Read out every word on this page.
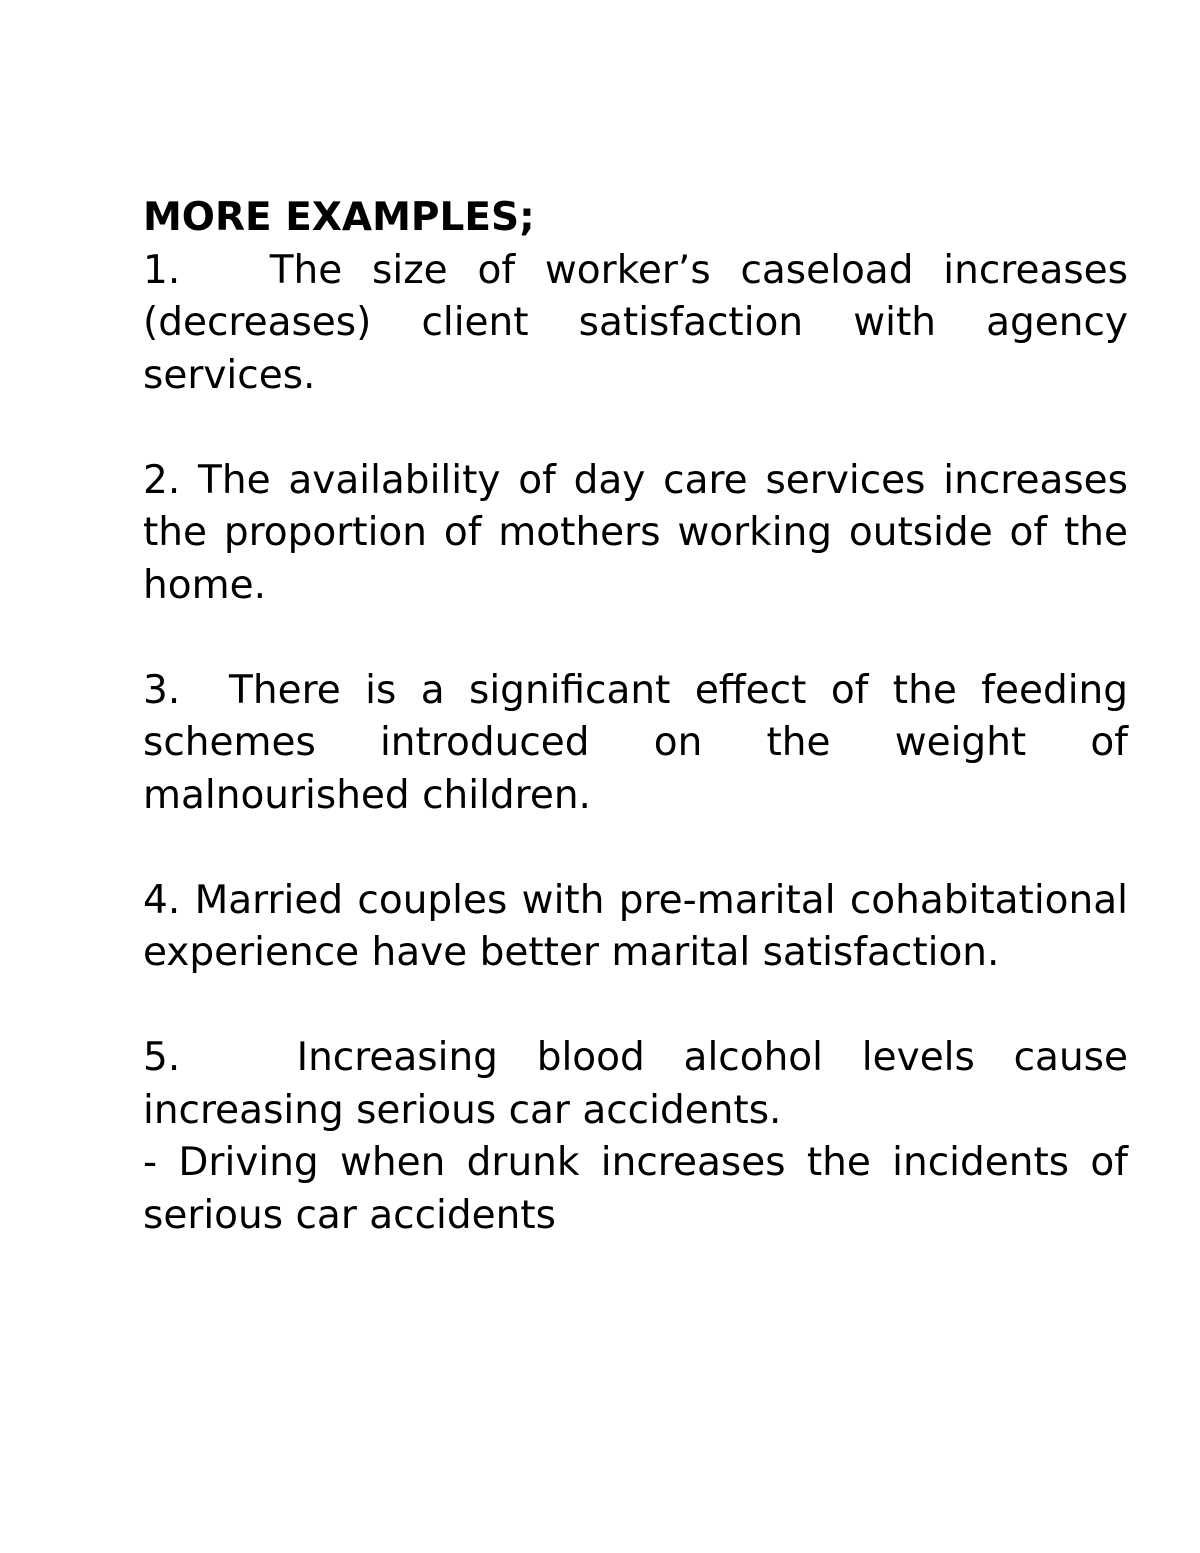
MORE EXAMPLES;

1. The size of worker’s caseload increases (decreases) client satisfaction with agency services.

2. The availability of day care services increases the proportion of mothers working outside of the home.

3. There is a significant effect of the feeding schemes introduced on the weight of malnourished children.

4. Married couples with pre-marital cohabitational experience have better marital satisfaction.

5.	Increasing blood alcohol levels cause increasing serious car accidents.

- Driving when drunk increases the incidents of serious car accidents
